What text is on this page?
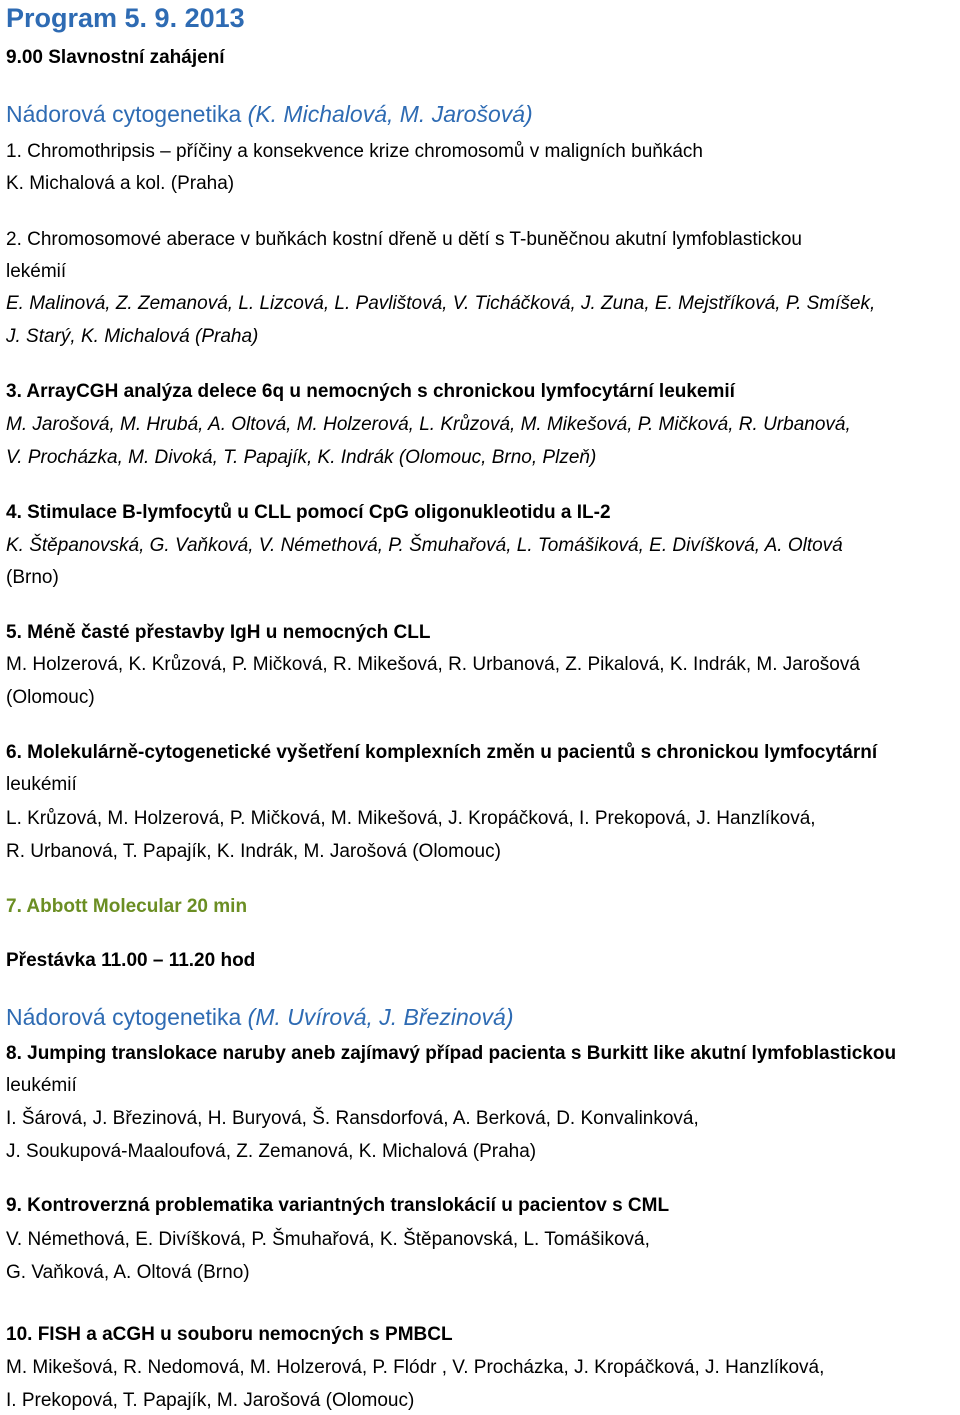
Program 5. 9. 2013
9.00 Slavnostní zahájení
Nádorová cytogenetika (K. Michalová, M. Jarošová)
1. Chromothripsis – příčiny a konsekvence krize chromosomů v maligních buňkách
K. Michalová a kol. (Praha)
2. Chromosomové aberace v buňkách kostní dřeně u dětí s T-buněčnou akutní lymfoblastickou
lekémií
E. Malinová, Z. Zemanová, L. Lizcová, L. Pavlištová, V. Ticháčková, J. Zuna, E. Mejstříková, P. Smíšek,
J. Starý, K. Michalová (Praha)
3. ArrayCGH analýza delece 6q u nemocných s chronickou lymfocytární leukemií
M. Jarošová, M. Hrubá, A. Oltová, M. Holzerová, L. Krůzová, M. Mikešová, P. Mičková, R. Urbanová,
V. Procházka, M. Divoká, T. Papajík, K. Indrák (Olomouc, Brno, Plzeň)
4. Stimulace B-lymfocytů u CLL pomocí CpG oligonukleotidu a IL-2
K. Štěpanovská, G. Vaňková, V. Némethová, P. Šmuhařová, L. Tomášiková, E. Divíšková, A. Oltová
(Brno)
5. Méně časté přestavby IgH u nemocných CLL
M. Holzerová, K. Krůzová, P. Mičková, R. Mikešová, R. Urbanová, Z. Pikalová, K. Indrák, M. Jarošová
(Olomouc)
6. Molekulárně-cytogenetické vyšetření komplexních změn u pacientů s chronickou lymfocytární
leukémií
L. Krůzová, M. Holzerová, P. Mičková, M. Mikešová, J. Kropáčková, I. Prekopová, J. Hanzlíková,
R. Urbanová, T. Papajík, K. Indrák, M. Jarošová (Olomouc)
7. Abbott Molecular 20 min
Přestávka 11.00 – 11.20 hod
Nádorová cytogenetika (M. Uvírová, J. Březinová)
8. Jumping translokace naruby aneb zajímavý případ pacienta s Burkitt like akutní lymfoblastickou
leukémií
I. Šárová, J. Březinová, H. Buryová, Š. Ransdorfová, A. Berková, D. Konvalinková,
J. Soukupová-Maaloufová, Z. Zemanová, K. Michalová (Praha)
9. Kontroverzná problematika variantných translokácií u pacientov s CML
V. Némethová, E. Divíšková, P. Šmuhařová, K. Štěpanovská, L. Tomášiková,
G. Vaňková, A. Oltová (Brno)
10. FISH a aCGH u souboru nemocných s PMBCL
M. Mikešová, R. Nedomová, M. Holzerová, P. Flódr , V. Procházka, J. Kropáčková, J. Hanzlíková,
I. Prekopová, T. Papajík, M. Jarošová (Olomouc)
